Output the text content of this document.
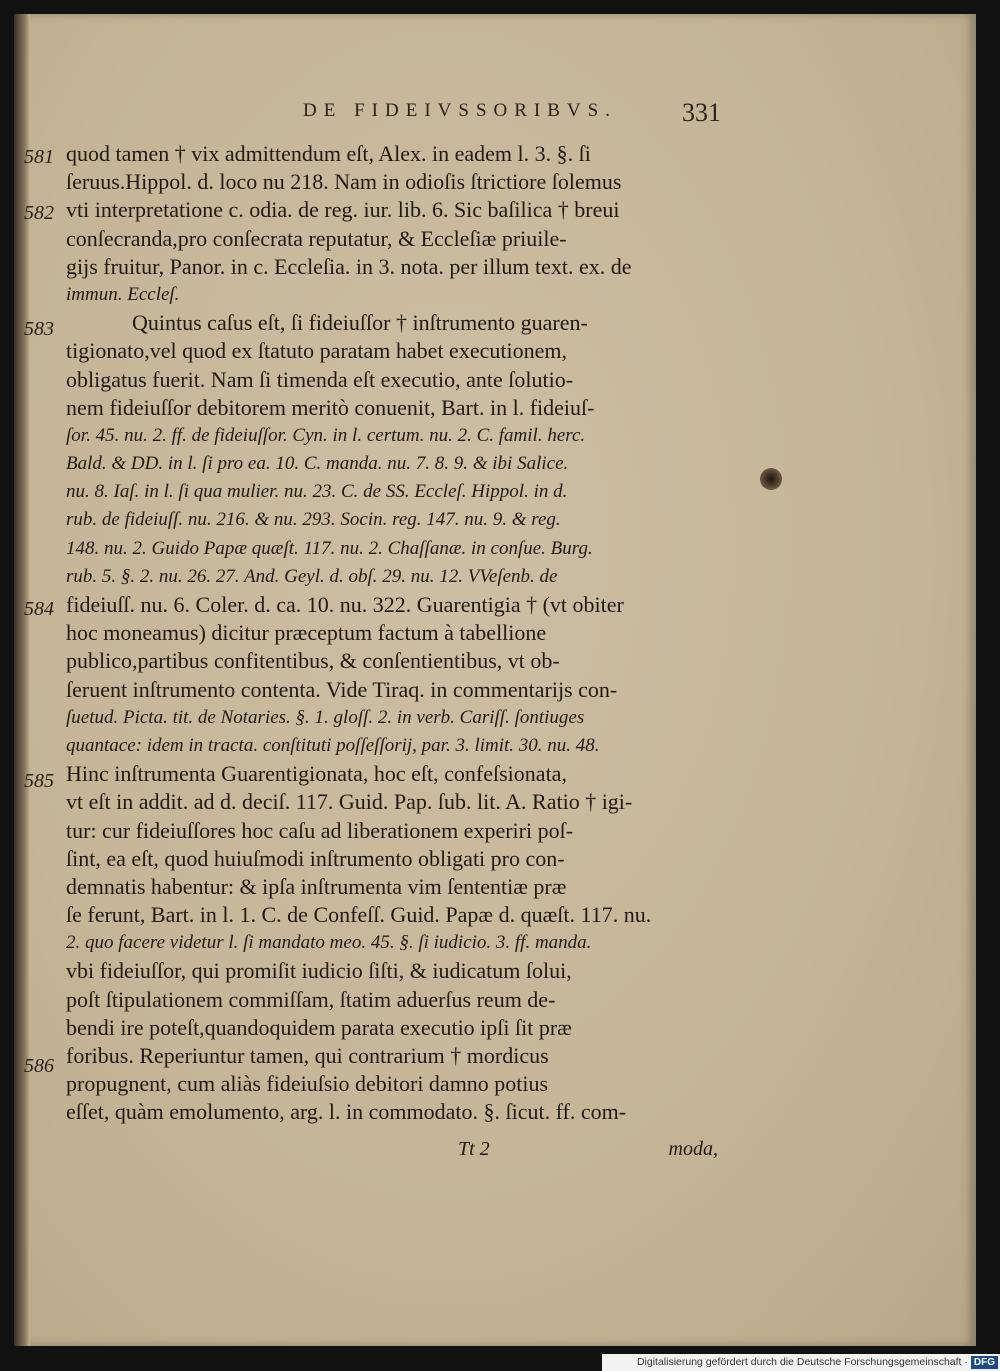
DE FIDEIVSSORIBVS.	331
581
582
583
584
585
586
quod tamen † vix admittendum eſt, Alex. in eadem l. 3. §. ſi
ſeruus.Hippol. d. loco nu 218. Nam in odioſis ſtrictiore ſolemus
vti interpretatione c. odia. de reg. iur. lib. 6. Sic baſilica † breui
conſecranda,pro conſecrata reputatur, & Eccleſiæ priuile-
gijs fruitur, Panor. in c. Eccleſia. in 3. nota. per illum text. ex. de
immun. Eccleſ.
Quintus caſus eſt, ſi fideiuſſor † inſtrumento guaren-
tigionato,vel quod ex ſtatuto paratam habet executionem,
obligatus fuerit. Nam ſi timenda eſt executio, ante ſolutio-
nem fideiuſſor debitorem meritò conuenit, Bart. in l. fideiuſ-
ſor. 45. nu. 2. ff. de fideiuſſor. Cyn. in l. certum. nu. 2. C. famil. herc.
Bald. & DD. in l. ſi pro ea. 10. C. manda. nu. 7. 8. 9. & ibi Salice.
nu. 8. Iaſ. in l. ſi qua mulier. nu. 23. C. de SS. Eccleſ. Hippol. in d.
rub. de fideiuſſ. nu. 216. & nu. 293. Socin. reg. 147. nu. 9. & reg.
148. nu. 2. Guido Papæ quæſt. 117. nu. 2. Chaſſanæ. in conſue. Burg.
rub. 5. §. 2. nu. 26. 27. And. Geyl. d. obſ. 29. nu. 12. VVeſenb. de
fideiuſſ. nu. 6. Coler. d. ca. 10. nu. 322. Guarentigia † (vt obiter
hoc moneamus) dicitur præceptum factum à tabellione
publico,partibus confitentibus, & conſentientibus, vt ob-
ſeruent inſtrumento contenta. Vide Tiraq. in commentarijs con-
ſuetud. Picta. tit. de Notaries. §. 1. gloſſ. 2. in verb. Cariſſ. ſontiuges
quantace: idem in tracta. conſtituti poſſeſſorij, par. 3. limit. 30. nu. 48.
Hinc inſtrumenta Guarentigionata, hoc eſt, confeſsionata,
vt eſt in addit. ad d. deciſ. 117. Guid. Pap. ſub. lit. A. Ratio † igi-
tur: cur fideiuſſores hoc caſu ad liberationem experiri poſ-
ſint, ea eſt, quod huiuſmodi inſtrumento obligati pro con-
demnatis habentur: & ipſa inſtrumenta vim ſententiæ præ
ſe ferunt, Bart. in l. 1. C. de Confeſſ. Guid. Papæ d. quæſt. 117. nu.
2. quo facere videtur l. ſi mandato meo. 45. §. ſi iudicio. 3. ff. manda.
vbi fideiuſſor, qui promiſit iudicio ſiſti, & iudicatum ſolui,
poſt ſtipulationem commiſſam, ſtatim aduerſus reum de-
bendi ire poteſt,quandoquidem parata executio ipſi ſit præ
foribus. Reperiuntur tamen, qui contrarium † mordicus
propugnent, cum aliàs fideiuſsio debitori damno potius
eſſet, quàm emolumento, arg. l. in commodato. §. ſicut. ff. com-
Tt 2	moda,
Digitalisierung gefördert durch die Deutsche Forschungsgemeinschaft · DFG
